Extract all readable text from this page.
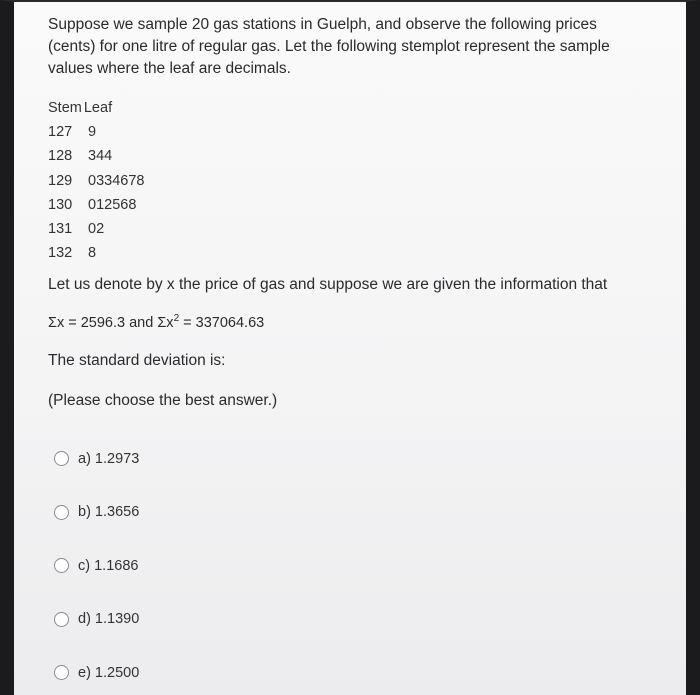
Suppose we sample 20 gas stations in Guelph, and observe the following prices (cents) for one litre of regular gas. Let the following stemplot represent the sample values where the leaf are decimals.

Stem Leaf
127 9
128 344
129 0334678
130 012568
131 02
132 8
Let us denote by x the price of gas and suppose we are given the information that
Σx = 2596.3 and $\Sigma x^2 = 337064.63$
The standard deviation is:
(Please choose the best answer.)
a) 1.2973
b) 1.3656
c) 1.1686
d) 1.1390
e) 1.2500
